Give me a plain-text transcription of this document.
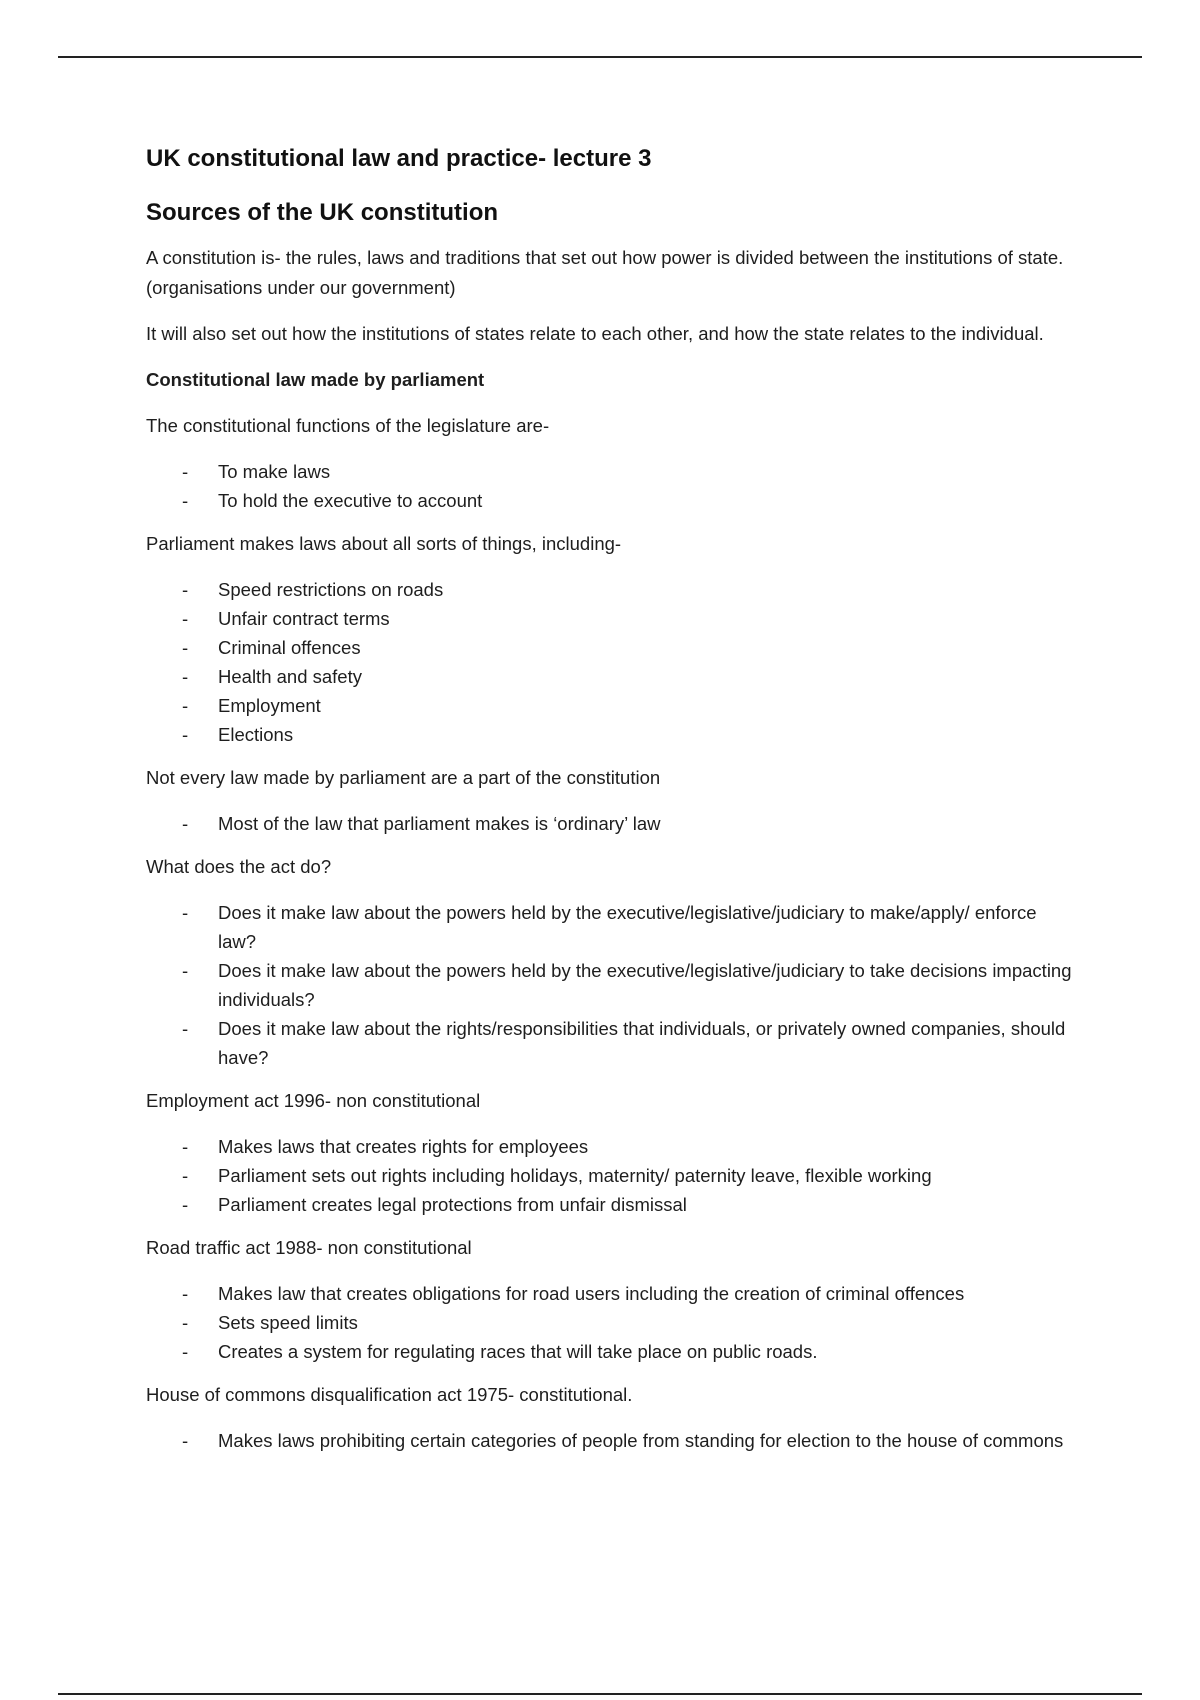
UK constitutional law and practice- lecture 3
Sources of the UK constitution

A constitution is- the rules, laws and traditions that set out how power is divided between the institutions of state. (organisations under our government)

It will also set out how the institutions of states relate to each other, and how the state relates to the individual.

Constitutional law made by parliament

The constitutional functions of the legislature are-

- To make laws
- To hold the executive to account

Parliament makes laws about all sorts of things, including-

- Speed restrictions on roads
- Unfair contract terms
- Criminal offences
- Health and safety
- Employment
- Elections

Not every law made by parliament are a part of the constitution

- Most of the law that parliament makes is ‘ordinary’ law

What does the act do?

- Does it make law about the powers held by the executive/legislative/judiciary to make/apply/ enforce law?
- Does it make law about the powers held by the executive/legislative/judiciary to take decisions impacting individuals?
- Does it make law about the rights/responsibilities that individuals, or privately owned companies, should have?

Employment act 1996- non constitutional

- Makes laws that creates rights for employees
- Parliament sets out rights including holidays, maternity/ paternity leave, flexible working
- Parliament creates legal protections from unfair dismissal

Road traffic act 1988- non constitutional

- Makes law that creates obligations for road users including the creation of criminal offences
- Sets speed limits
- Creates a system for regulating races that will take place on public roads.

House of commons disqualification act 1975- constitutional.

- Makes laws prohibiting certain categories of people from standing for election to the house of commons
